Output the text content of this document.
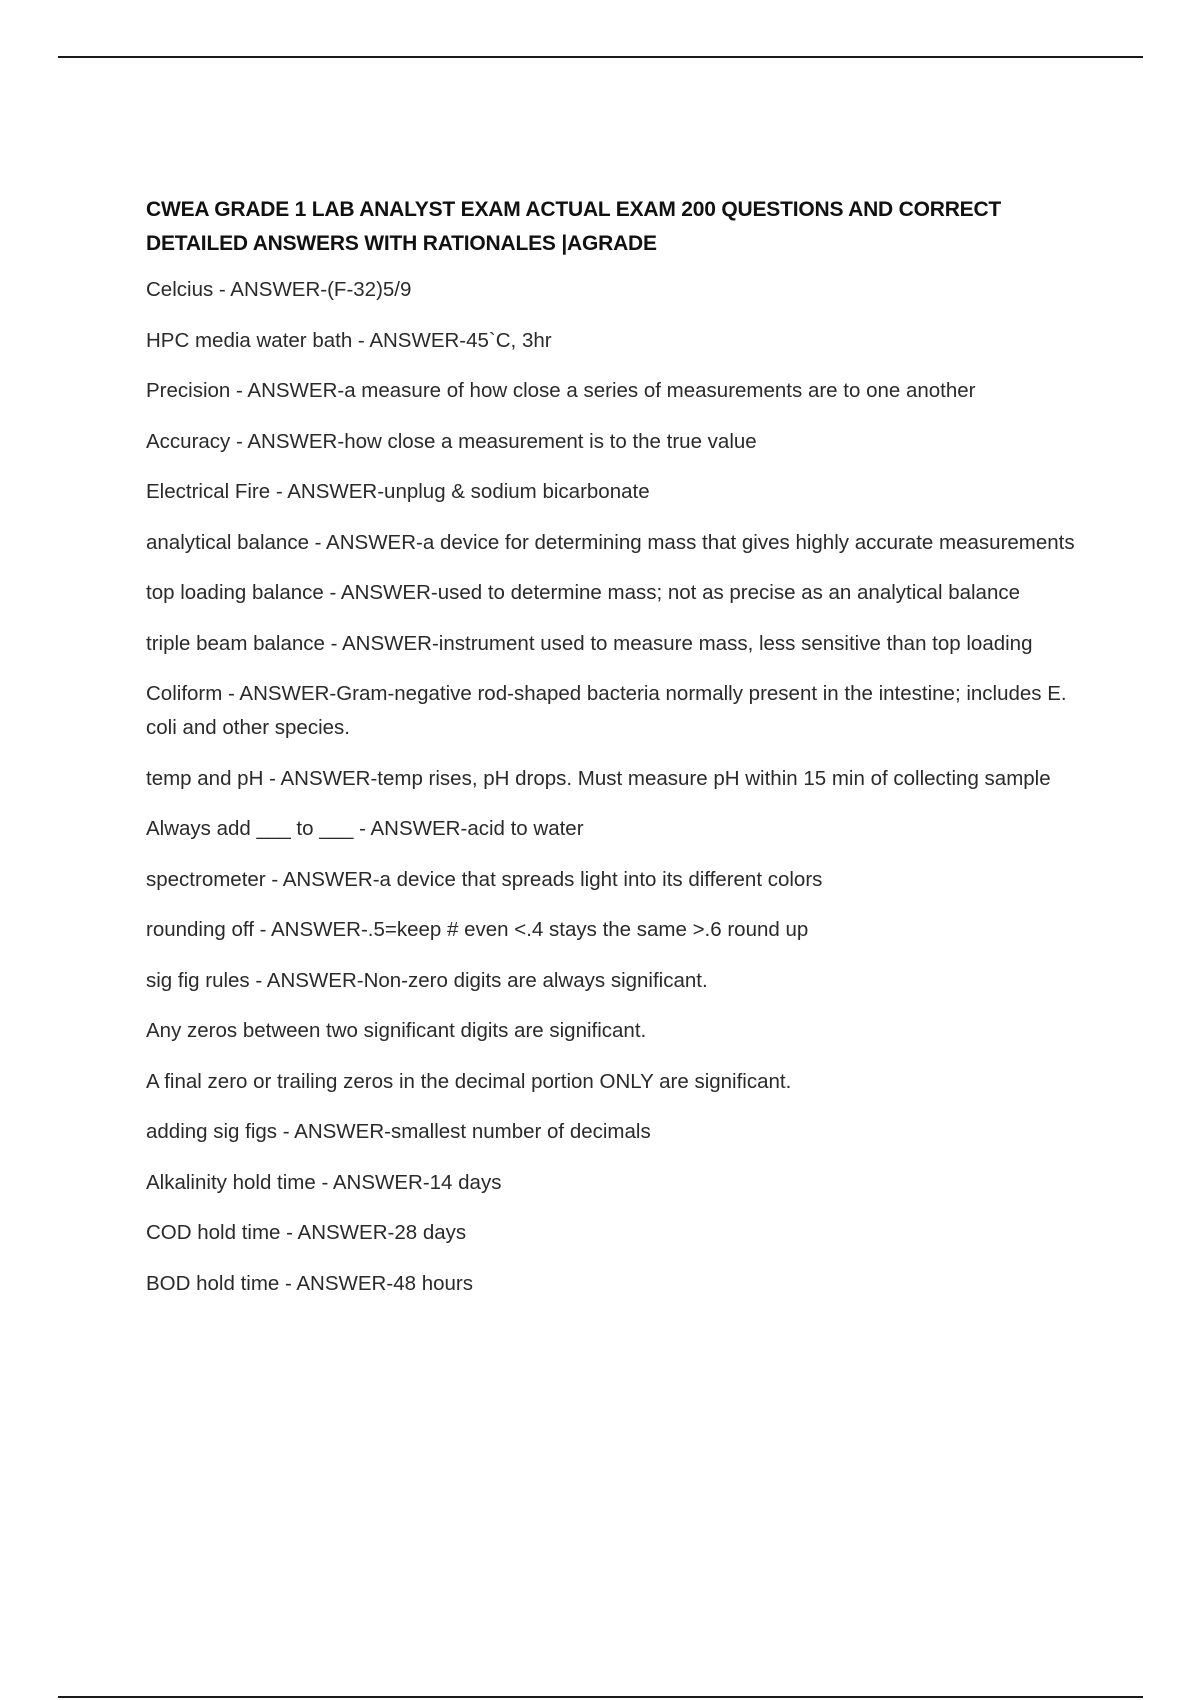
CWEA GRADE 1 LAB ANALYST EXAM ACTUAL EXAM 200 QUESTIONS AND CORRECT DETAILED ANSWERS WITH RATIONALES |AGRADE
Celcius - ANSWER-(F-32)5/9
HPC media water bath - ANSWER-45`C, 3hr
Precision - ANSWER-a measure of how close a series of measurements are to one another
Accuracy - ANSWER-how close a measurement is to the true value
Electrical Fire - ANSWER-unplug & sodium bicarbonate
analytical balance - ANSWER-a device for determining mass that gives highly accurate measurements
top loading balance - ANSWER-used to determine mass; not as precise as an analytical balance
triple beam balance - ANSWER-instrument used to measure mass, less sensitive than top loading
Coliform - ANSWER-Gram-negative rod-shaped bacteria normally present in the intestine; includes E. coli and other species.
temp and pH - ANSWER-temp rises, pH drops. Must measure pH within 15 min of collecting sample
Always add ___ to ___ - ANSWER-acid to water
spectrometer - ANSWER-a device that spreads light into its different colors
rounding off - ANSWER-.5=keep # even <.4 stays the same >.6 round up
sig fig rules - ANSWER-Non-zero digits are always significant.
Any zeros between two significant digits are significant.
A final zero or trailing zeros in the decimal portion ONLY are significant.
adding sig figs - ANSWER-smallest number of decimals
Alkalinity hold time - ANSWER-14 days
COD hold time - ANSWER-28 days
BOD hold time - ANSWER-48 hours
